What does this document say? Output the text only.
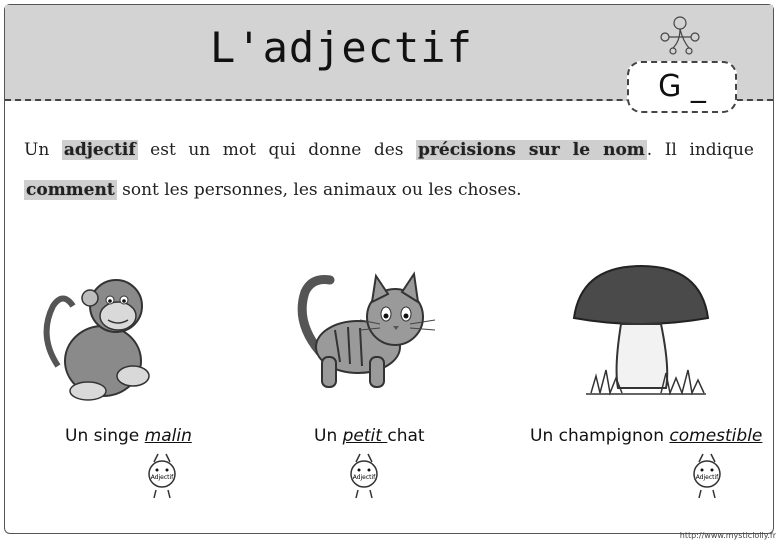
L'adjectif
G _
Un adjectif est un mot qui donne des précisions sur le nom . Il indique comment sont les personnes, les animaux ou les choses.
Un singe malin	Un petit chat	Un champignon comestible
Adjectif	Adjectif	Adjectif
http://www.mysticlolly.fr
